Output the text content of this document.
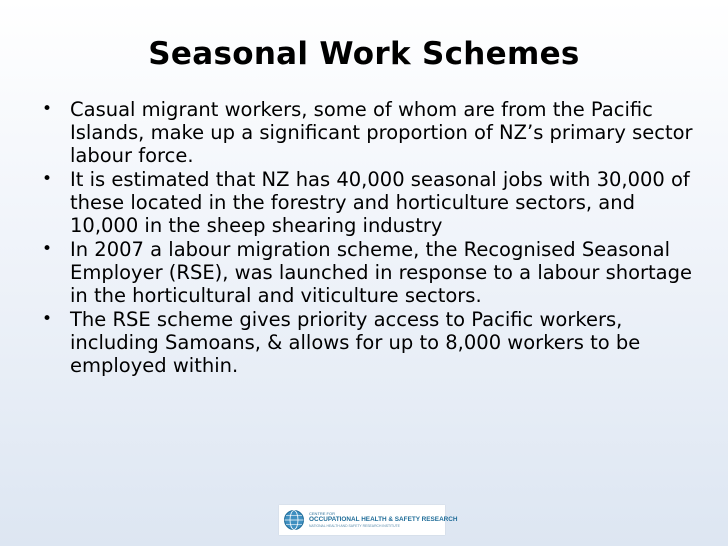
Seasonal Work Schemes
• Casual migrant workers, some of whom are from the Pacific Islands, make up a significant proportion of NZ’s primary sector labour force.
• It is estimated that NZ has 40,000 seasonal jobs with 30,000 of these located in the forestry and horticulture sectors, and 10,000 in the sheep shearing industry
• In 2007 a labour migration scheme, the Recognised Seasonal Employer (RSE), was launched in response to a labour shortage in the horticultural and viticulture sectors.
• The RSE scheme gives priority access to Pacific workers, including Samoans, & allows for up to 8,000 workers to be employed within.
CENTRE FOR
OCCUPATIONAL HEALTH & SAFETY RESEARCH
NATIONAL HEALTH AND SAFETY RESEARCH INSTITUTE
